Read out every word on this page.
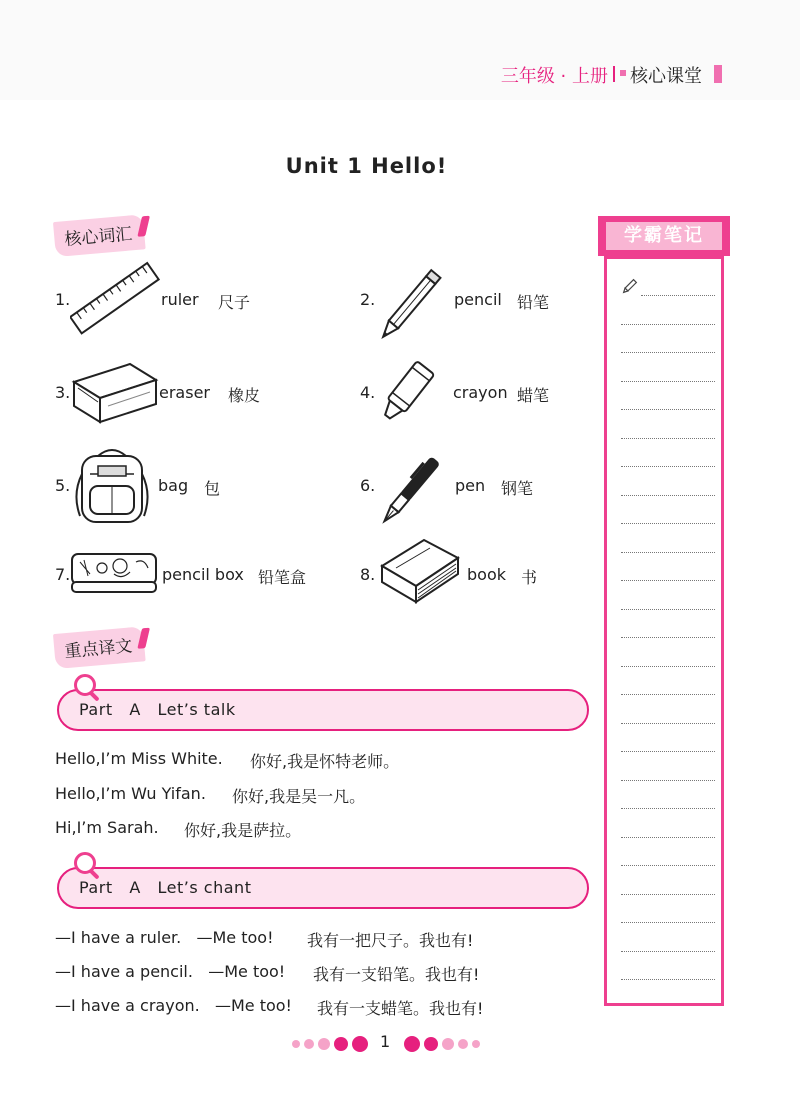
三年级 · 上册 核心课堂
Unit 1 Hello!
核心词汇
1.	ruler 尺子	2.	pencil 铅笔
3.	eraser 橡皮	4.	crayon 蜡笔
5.	bag 包	6.	pen 钢笔
7.	pencil box 铅笔盒	8.	book 书
重点译文
Part   A   Let’s talk
Hello,I’m Miss White. 你好,我是怀特老师。
Hello,I’m Wu Yifan. 你好,我是吴一凡。
Hi,I’m Sarah. 你好,我是萨拉。
Part   A   Let’s chant
—I have a ruler.   —Me too! 我有一把尺子。我也有!
—I have a pencil.   —Me too! 我有一支铅笔。我也有!
—I have a crayon.   —Me too! 我有一支蜡笔。我也有!
学霸笔记
1
